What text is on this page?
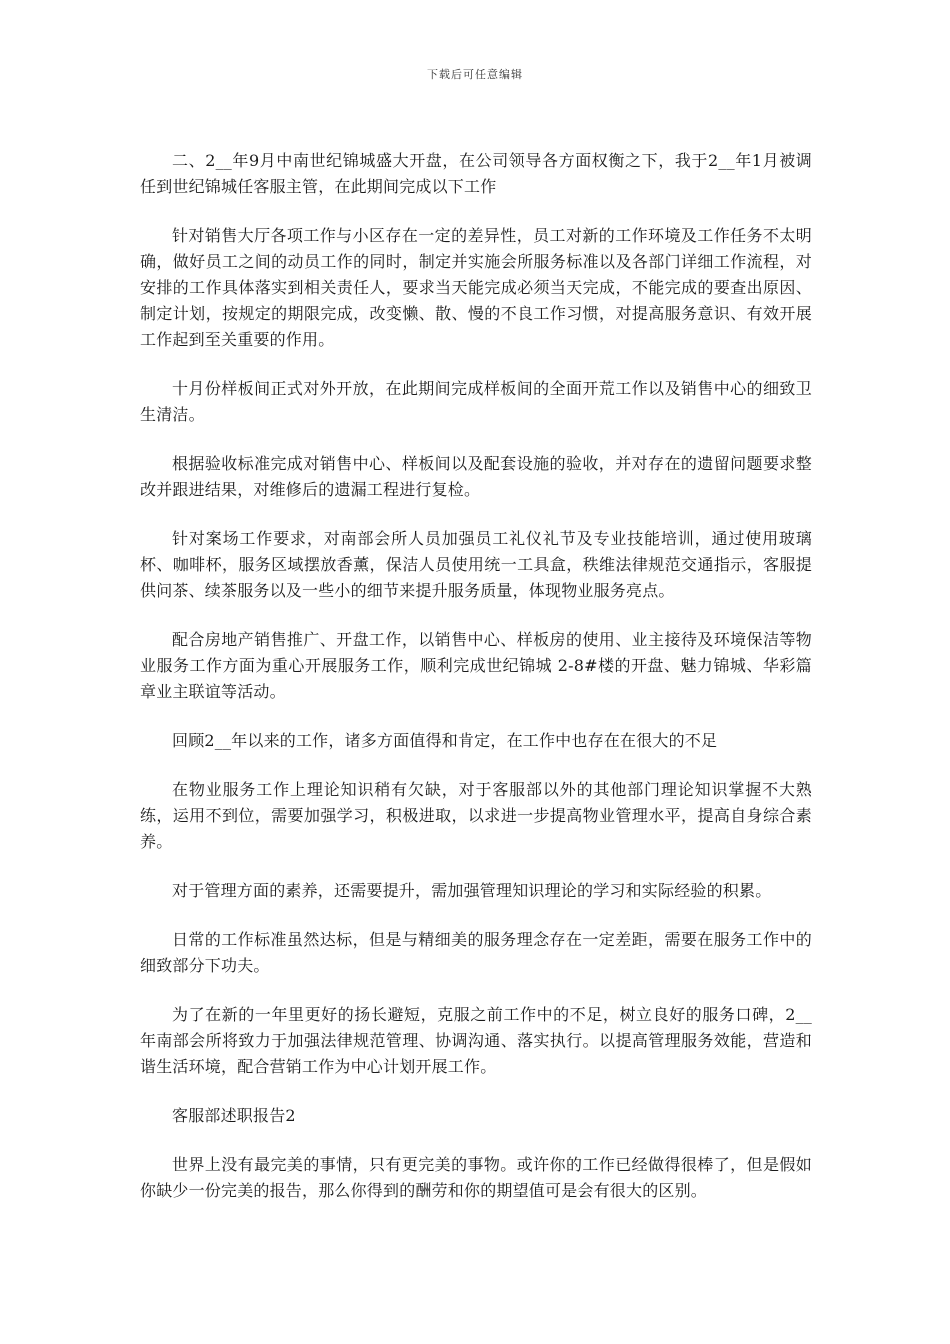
下载后可任意编辑

二、2__年9月中南世纪锦城盛大开盘，在公司领导各方面权衡之下，我于2__年1月被调任到世纪锦城任客服主管，在此期间完成以下工作

针对销售大厅各项工作与小区存在一定的差异性，员工对新的工作环境及工作任务不太明确，做好员工之间的动员工作的同时，制定并实施会所服务标准以及各部门详细工作流程，对安排的工作具体落实到相关责任人，要求当天能完成必须当天完成，不能完成的要查出原因、制定计划，按规定的期限完成，改变懒、散、慢的不良工作习惯，对提高服务意识、有效开展工作起到至关重要的作用。

十月份样板间正式对外开放，在此期间完成样板间的全面开荒工作以及销售中心的细致卫生清洁。

根据验收标准完成对销售中心、样板间以及配套设施的验收，并对存在的遗留问题要求整改并跟进结果，对维修后的遗漏工程进行复检。

针对案场工作要求，对南部会所人员加强员工礼仪礼节及专业技能培训，通过使用玻璃杯、咖啡杯，服务区域摆放香薰，保洁人员使用统一工具盒，秩维法律规范交通指示，客服提供问茶、续茶服务以及一些小的细节来提升服务质量，体现物业服务亮点。

配合房地产销售推广、开盘工作，以销售中心、样板房的使用、业主接待及环境保洁等物业服务工作方面为重心开展服务工作，顺利完成世纪锦城 2-8#楼的开盘、魅力锦城、华彩篇章业主联谊等活动。

回顾2__年以来的工作，诸多方面值得和肯定，在工作中也存在在很大的不足

在物业服务工作上理论知识稍有欠缺，对于客服部以外的其他部门理论知识掌握不大熟练，运用不到位，需要加强学习，积极进取，以求进一步提高物业管理水平，提高自身综合素养。

对于管理方面的素养，还需要提升，需加强管理知识理论的学习和实际经验的积累。

日常的工作标准虽然达标，但是与精细美的服务理念存在一定差距，需要在服务工作中的细致部分下功夫。

为了在新的一年里更好的扬长避短，克服之前工作中的不足，树立良好的服务口碑，2__年南部会所将致力于加强法律规范管理、协调沟通、落实执行。以提高管理服务效能，营造和谐生活环境，配合营销工作为中心计划开展工作。

客服部述职报告2

世界上没有最完美的事情，只有更完美的事物。或许你的工作已经做得很棒了，但是假如你缺少一份完美的报告，那么你得到的酬劳和你的期望值可是会有很大的区别。
